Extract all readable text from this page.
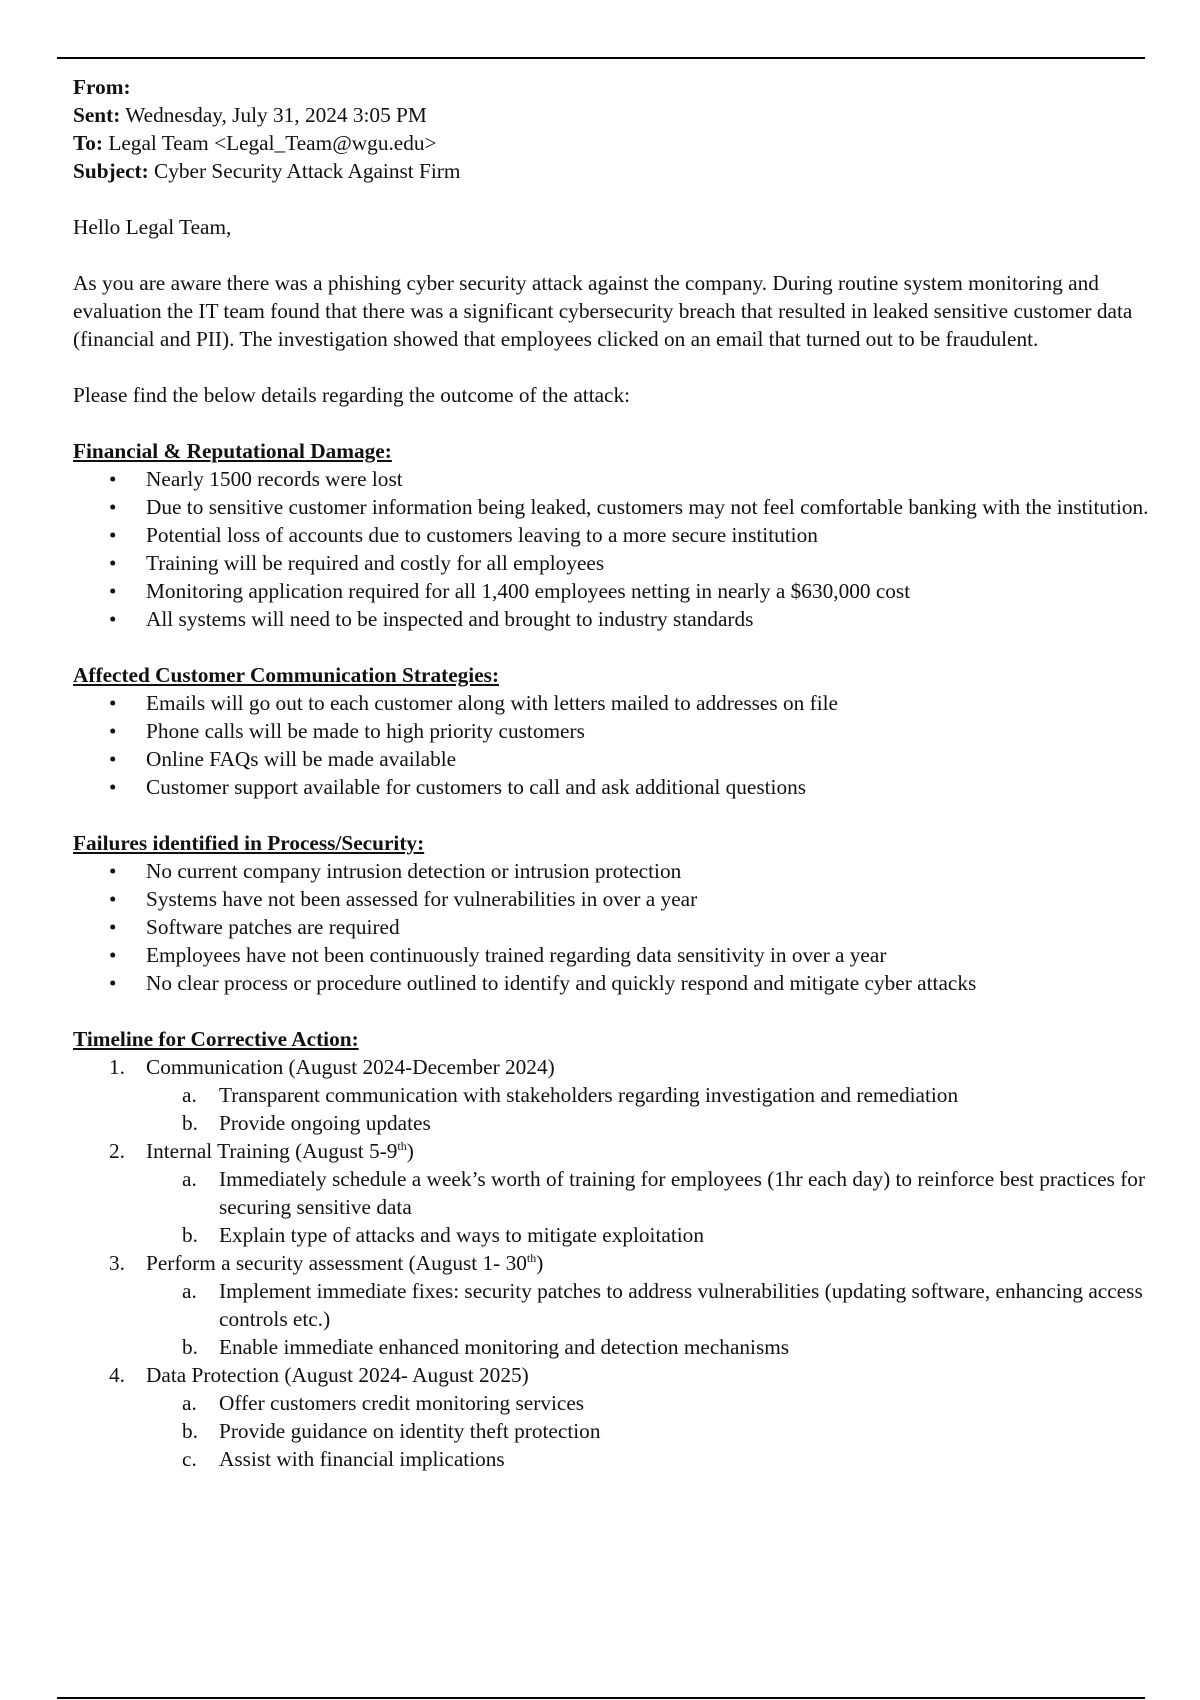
From:
Sent: Wednesday, July 31, 2024 3:05 PM
To: Legal Team <Legal_Team@wgu.edu>
Subject: Cyber Security Attack Against Firm

Hello Legal Team,

As you are aware there was a phishing cyber security attack against the company. During routine system monitoring and evaluation the IT team found that there was a significant cybersecurity breach that resulted in leaked sensitive customer data (financial and PII). The investigation showed that employees clicked on an email that turned out to be fraudulent.

Please find the below details regarding the outcome of the attack:

Financial & Reputational Damage:
• Nearly 1500 records were lost
• Due to sensitive customer information being leaked, customers may not feel comfortable banking with the institution.
• Potential loss of accounts due to customers leaving to a more secure institution
• Training will be required and costly for all employees
• Monitoring application required for all 1,400 employees netting in nearly a $630,000 cost
• All systems will need to be inspected and brought to industry standards
Affected Customer Communication Strategies:
• Emails will go out to each customer along with letters mailed to addresses on file
• Phone calls will be made to high priority customers
• Online FAQs will be made available
• Customer support available for customers to call and ask additional questions
Failures identified in Process/Security:
• No current company intrusion detection or intrusion protection
• Systems have not been assessed for vulnerabilities in over a year
• Software patches are required
• Employees have not been continuously trained regarding data sensitivity in over a year
• No clear process or procedure outlined to identify and quickly respond and mitigate cyber attacks
Timeline for Corrective Action:
1. Communication (August 2024-December 2024)
a. Transparent communication with stakeholders regarding investigation and remediation
b. Provide ongoing updates
2. Internal Training (August 5-9th)
a. Immediately schedule a week’s worth of training for employees (1hr each day) to reinforce best practices for securing sensitive data
b. Explain type of attacks and ways to mitigate exploitation
3. Perform a security assessment (August 1- 30th)
a. Implement immediate fixes: security patches to address vulnerabilities (updating software, enhancing access controls etc.)
b. Enable immediate enhanced monitoring and detection mechanisms
4. Data Protection (August 2024- August 2025)
a. Offer customers credit monitoring services
b. Provide guidance on identity theft protection
c. Assist with financial implications
